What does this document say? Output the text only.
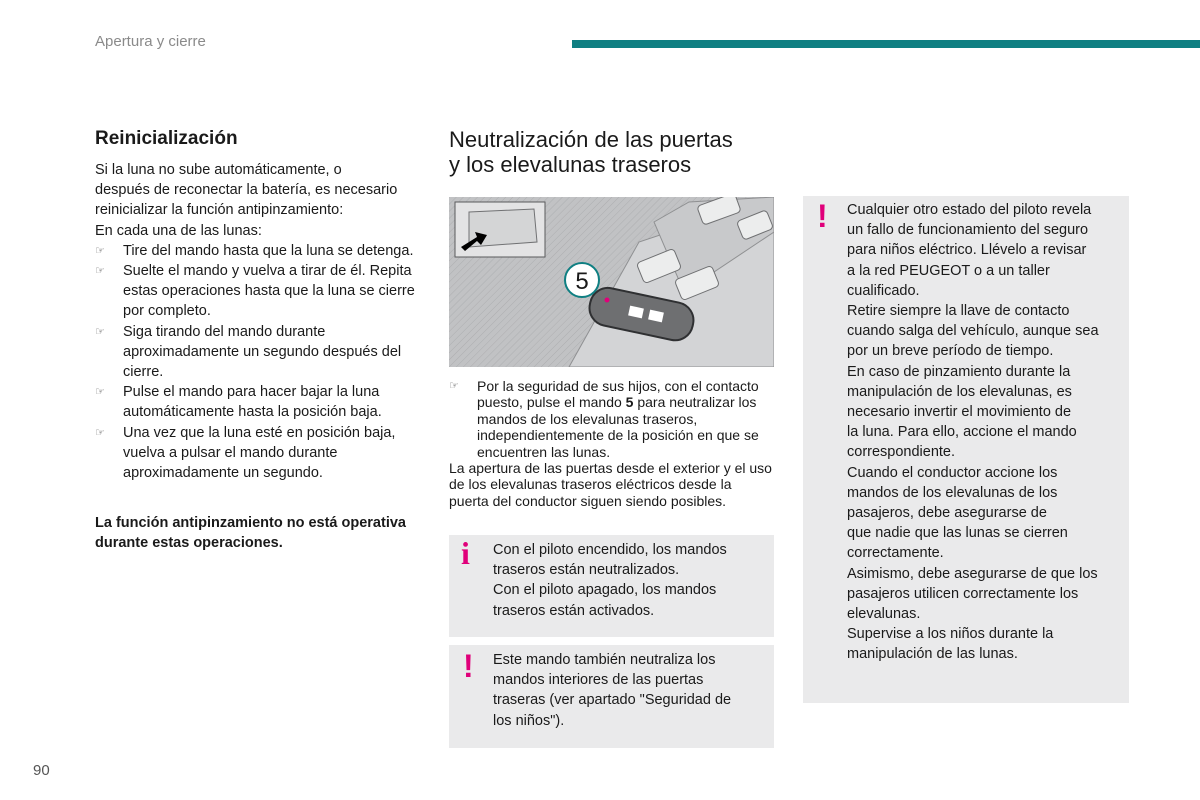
Apertura y cierre
Reinicialización

Si la luna no sube automáticamente, o

después de reconectar la batería, es necesario

reinicializar la función antipinzamiento:

En cada una de las lunas:

☞ Tire del mando hasta que la luna se detenga.
☞ Suelte el mando y vuelva a tirar de él. Repita estas operaciones hasta que la luna se cierre por completo.
☞ Siga tirando del mando durante aproximadamente un segundo después del cierre.
☞ Pulse el mando para hacer bajar la luna automáticamente hasta la posición baja.
☞ Una vez que la luna esté en posición baja, vuelva a pulsar el mando durante aproximadamente un segundo.
La función antipinzamiento no está operativa durante estas operaciones.
Neutralización de las puertas
y los elevalunas traseros
5
☞ Por la seguridad de sus hijos, con el contacto puesto, pulse el mando 5 para neutralizar los mandos de los elevalunas traseros, independientemente de la posición en que se encuentren las lunas.

La apertura de las puertas desde el exterior y el uso de los elevalunas traseros eléctricos desde la puerta del conductor siguen siendo posibles.

i Con el piloto encendido, los mandos
traseros están neutralizados.
Con el piloto apagado, los mandos
traseros están activados.
! Este mando también neutraliza los
mandos interiores de las puertas
traseras (ver apartado "Seguridad de
los niños").
! Cualquier otro estado del piloto revela
un fallo de funcionamiento del seguro
para niños eléctrico. Llévelo a revisar
a la red PEUGEOT o a un taller
cualificado.
Retire siempre la llave de contacto
cuando salga del vehículo, aunque sea
por un breve período de tiempo.
En caso de pinzamiento durante la
manipulación de los elevalunas, es
necesario invertir el movimiento de
la luna. Para ello, accione el mando
correspondiente.
Cuando el conductor accione los
mandos de los elevalunas de los
pasajeros, debe asegurarse de
que nadie que las lunas se cierren
correctamente.
Asimismo, debe asegurarse de que los
pasajeros utilicen correctamente los
elevalunas.
Supervise a los niños durante la
manipulación de las lunas.
90
